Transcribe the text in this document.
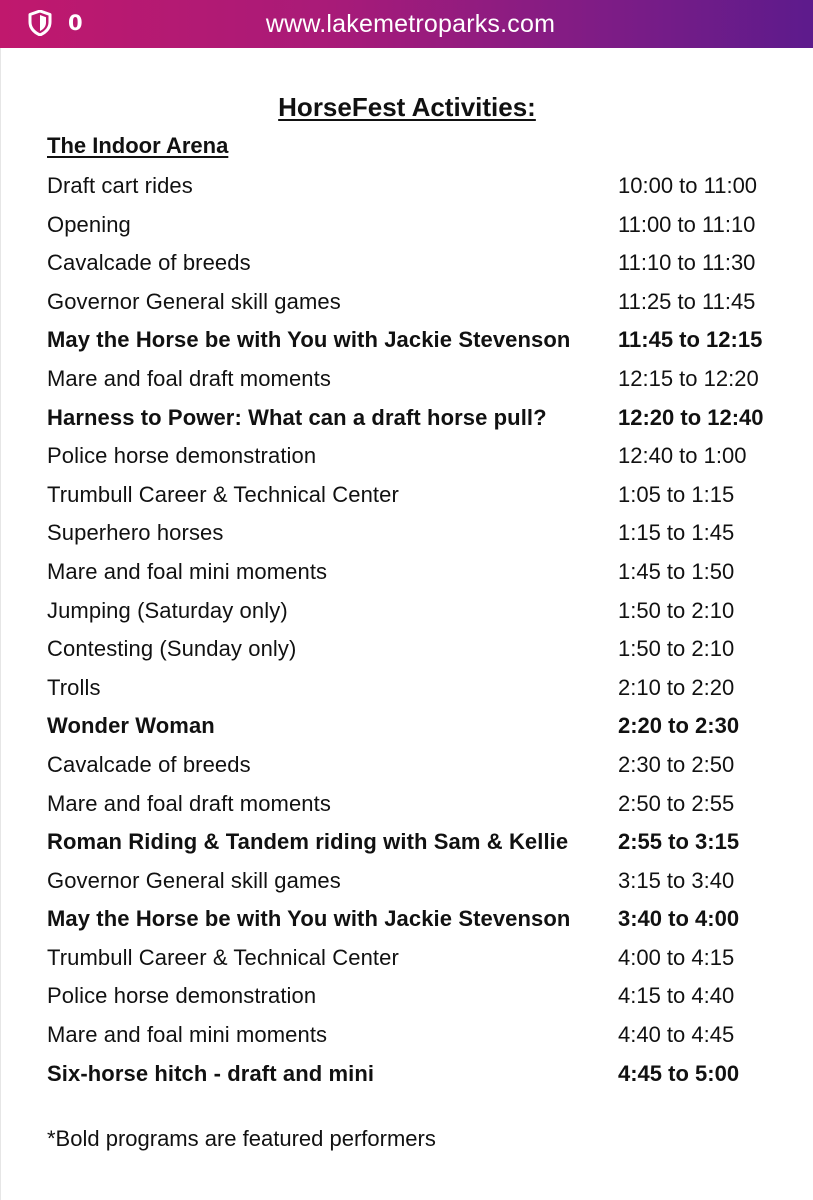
0	www.lakemetroparks.com
HorseFest Activities:
The Indoor Arena
Draft cart rides	10:00 to 11:00
Opening	11:00 to 11:10
Cavalcade of breeds	11:10 to 11:30
Governor General skill games	11:25 to 11:45
May the Horse be with You with Jackie Stevenson 11:45 to 12:15
Mare and foal draft moments	12:15 to 12:20
Harness to Power: What can a draft horse pull?	12:20 to 12:40
Police horse demonstration	12:40 to 1:00
Trumbull Career & Technical Center	1:05 to 1:15
Superhero horses	1:15 to 1:45
Mare and foal mini moments	1:45 to 1:50
Jumping (Saturday only)	1:50 to 2:10
Contesting (Sunday only)	1:50 to 2:10
Trolls	2:10 to 2:20
Wonder Woman	2:20 to 2:30
Cavalcade of breeds	2:30 to 2:50
Mare and foal draft moments	2:50 to 2:55
Roman Riding & Tandem riding with Sam & Kellie 2:55 to 3:15
Governor General skill games	3:15 to 3:40
May the Horse be with You with Jackie Stevenson 3:40 to 4:00
Trumbull Career & Technical Center	4:00 to 4:15
Police horse demonstration	4:15 to 4:40
Mare and foal mini moments	4:40 to 4:45
Six-horse hitch - draft and mini	4:45 to 5:00
*Bold programs are featured performers
